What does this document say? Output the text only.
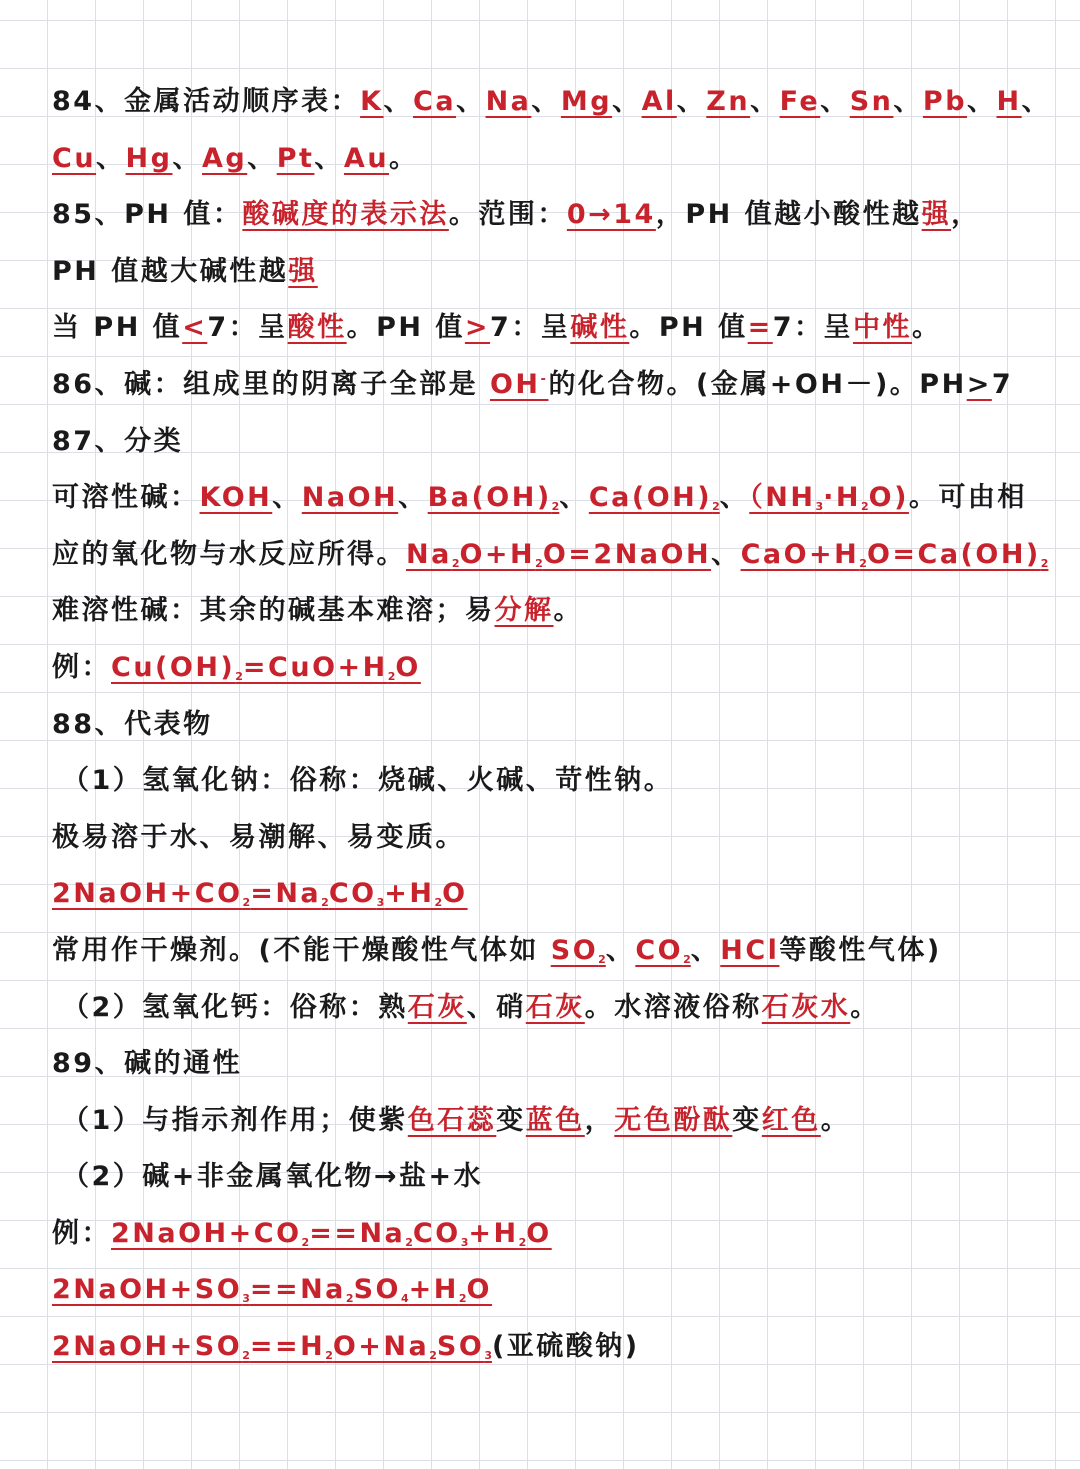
84、金属活动顺序表：K、Ca、Na、Mg、Al、Zn、Fe、Sn、Pb、H、
Cu、Hg、Ag、Pt、Au。
85、PH 值：酸碱度的表示法。范围：0→14，PH 值越小酸性越强，
PH 值越大碱性越强
当 PH 值<7：呈酸性。PH 值>7：呈碱性。PH 值=7：呈中性。
86、碱：组成里的阴离子全部是 OH-的化合物。(金属+OH－)。PH>7
87、分类
可溶性碱：KOH、NaOH、$Ba(OH)_2$、$Ca(OH)_2$、$(NH_3\cdot H_2O)$。可由相
应的氧化物与水反应所得。$Na_2O+H_2O=2NaOH$、$CaO+H_2O=Ca(OH)_2$
难溶性碱：其余的碱基本难溶；易分解。
例：$Cu(OH)_2=CuO+H_2O$
88、代表物
（1）氢氧化钠：俗称：烧碱、火碱、苛性钠。
极易溶于水、易潮解、易变质。
$2NaOH+CO_2=Na_2CO_3+H_2O$
常用作干燥剂。(不能干燥酸性气体如 $SO_2$、$CO_2$、HCl等酸性气体)
（2）氢氧化钙：俗称：熟石灰、硝石灰。水溶液俗称石灰水。
89、碱的通性
（1）与指示剂作用；使紫色石蕊变蓝色，无色酚酞变红色。
（2）碱+非金属氧化物→盐+水
例：$2NaOH+CO_2==Na_2CO_3+H_2O$
$2NaOH+SO_3==Na_2SO_4+H_2O$
$2NaOH+SO_2==H_2O+Na_2SO_3$(亚硫酸钠)
